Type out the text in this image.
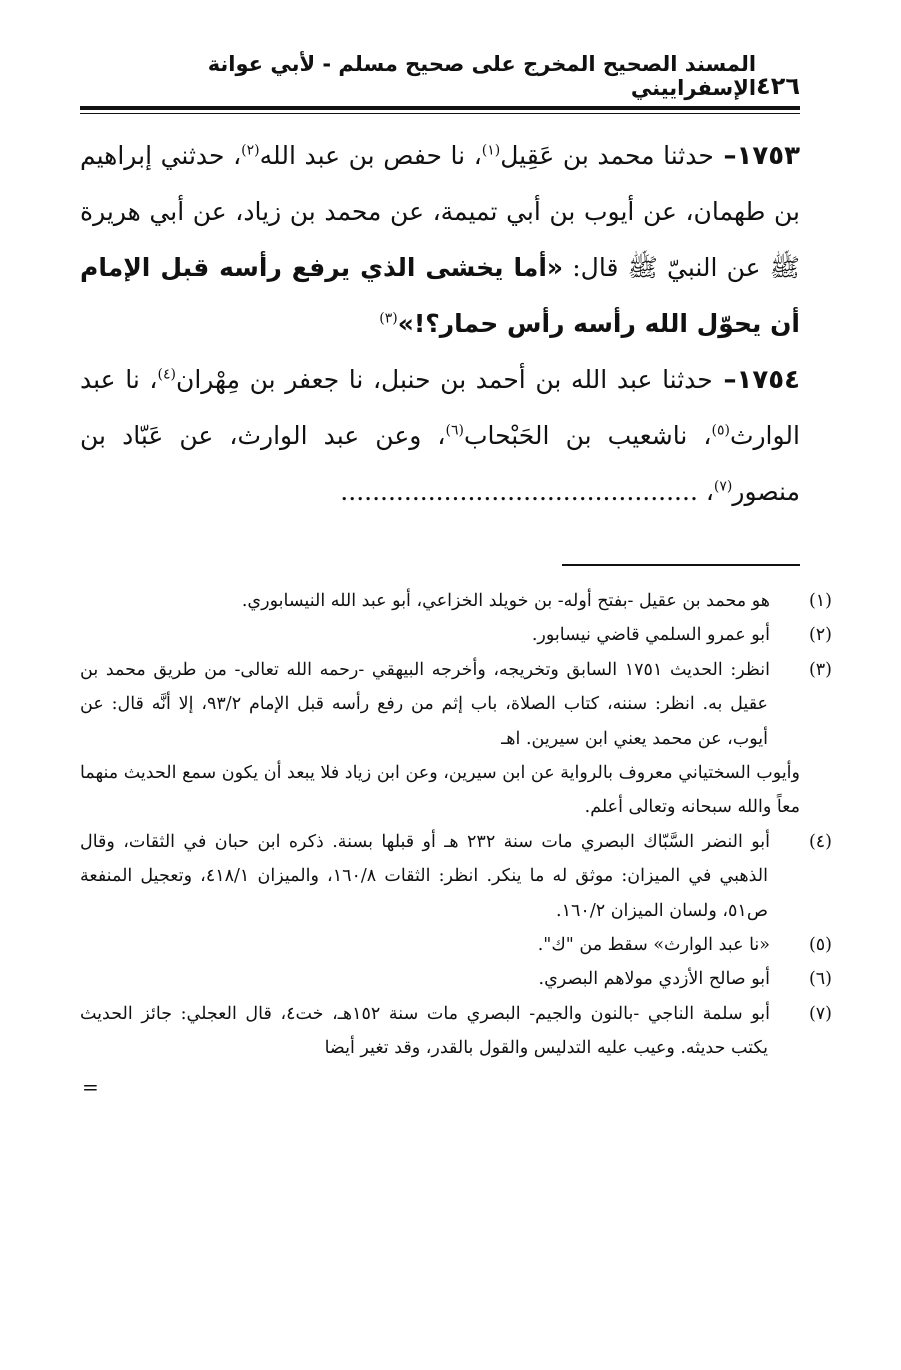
٤٢٦
المسند الصحيح المخرج على صحيح مسلم - لأبي عوانة الإسفراييني

١٧٥٣– حدثنا محمد بن عَقِيل$^{(١)}$، نا حفص بن عبد الله$^{(٢)}$، حدثني إبراهيم بن طهمان، عن أيوب بن أبي تميمة، عن محمد بن زياد، عن أبي هريرة ﷺ عن النبيّ ﷺ قال: «أما يخشى الذي يرفع رأسه قبل الإمام أن يحوّل الله رأسه رأس حمار؟!»$^{(٣)}$

١٧٥٤– حدثنا عبد الله بن أحمد بن حنبل، نا جعفر بن مِهْران$^{(٤)}$، نا عبد الوارث$^{(٥)}$، ناشعيب بن الحَبْحاب$^{(٦)}$، وعن عبد الوارث، عن عَبّاد بن منصور$^{(٧)}$، .............................................

(١)هو محمد بن عقيل -بفتح أوله- بن خويلد الخزاعي، أبو عبد الله النيسابوري.

(٢)أبو عمرو السلمي قاضي نيسابور.

(٣)انظر: الحديث ١٧٥١ السابق وتخريجه، وأخرجه البيهقي -رحمه الله تعالى- من طريق محمد بن عقيل به. انظر: سننه، كتاب الصلاة، باب إثم من رفع رأسه قبل الإمام ٩٣/٢، إلا أنَّه قال: عن أيوب، عن محمد يعني ابن سيرين. اهـ

وأيوب السختياني معروف بالرواية عن ابن سيرين، وعن ابن زياد فلا يبعد أن يكون سمع الحديث منهما معاً والله سبحانه وتعالى أعلم.

(٤)أبو النضر السَّبّاك البصري مات سنة ٢٣٢ هـ أو قبلها بسنة. ذكره ابن حبان في الثقات، وقال الذهبي في الميزان: موثق له ما ينكر. انظر: الثقات ١٦٠/٨، والميزان ٤١٨/١، وتعجيل المنفعة ص٥١، ولسان الميزان ١٦٠/٢.

(٥)«نا عبد الوارث» سقط من "ك".

(٦)أبو صالح الأزدي مولاهم البصري.

(٧)أبو سلمة الناجي -بالنون والجيم- البصري مات سنة ١٥٢هـ، خت٤، قال العجلي: جائز الحديث يكتب حديثه. وعيب عليه التدليس والقول بالقدر، وقد تغير أيضا

=
